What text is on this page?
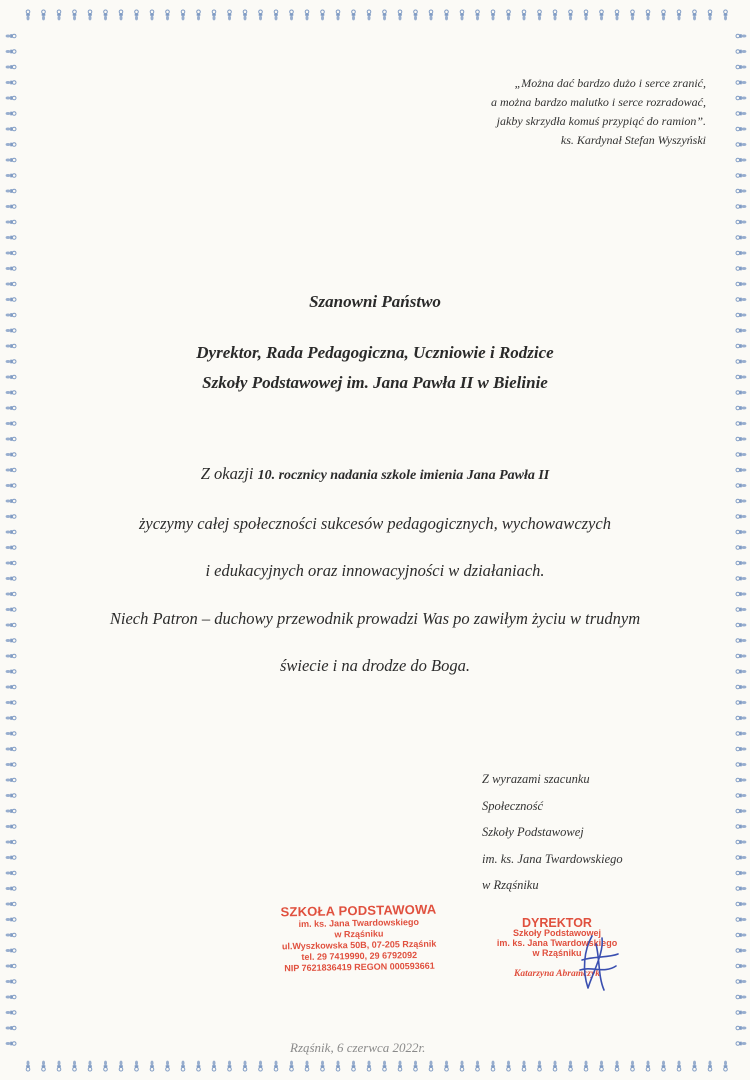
„Można dać bardzo dużo i serce zranić,
a można bardzo malutko i serce rozradować,
jakby skrzydła komuś przypiąć do ramion”.
ks. Kardynał Stefan Wyszyński
Szanowni Państwo
Dyrektor, Rada Pedagogiczna, Uczniowie i Rodzice
Szkoły Podstawowej im. Jana Pawła II w Bielinie
Z okazji 10. rocznicy nadania szkole imienia Jana Pawła II
życzymy całej społeczności sukcesów pedagogicznych, wychowawczych
i edukacyjnych oraz innowacyjności w działaniach.
Niech Patron – duchowy przewodnik prowadzi Was po zawiłym życiu w trudnym
świecie i na drodze do Boga.
Z wyrazami szacunku
Społeczność
Szkoły Podstawowej
im. ks. Jana Twardowskiego
w Rząśniku
SZKOŁA PODSTAWOWA
im. ks. Jana Twardowskiego
w Rząśniku
ul.Wyszkowska 50B, 07-205 Rząśnik
tel. 29 7419990, 29 6792092
NIP 7621836419 REGON 000593661
DYREKTOR
Szkoły Podstawowej
im. ks. Jana Twardowskiego
w Rząśniku
Katarzyna Abramczyk
Rząśnik, 6 czerwca 2022r.
